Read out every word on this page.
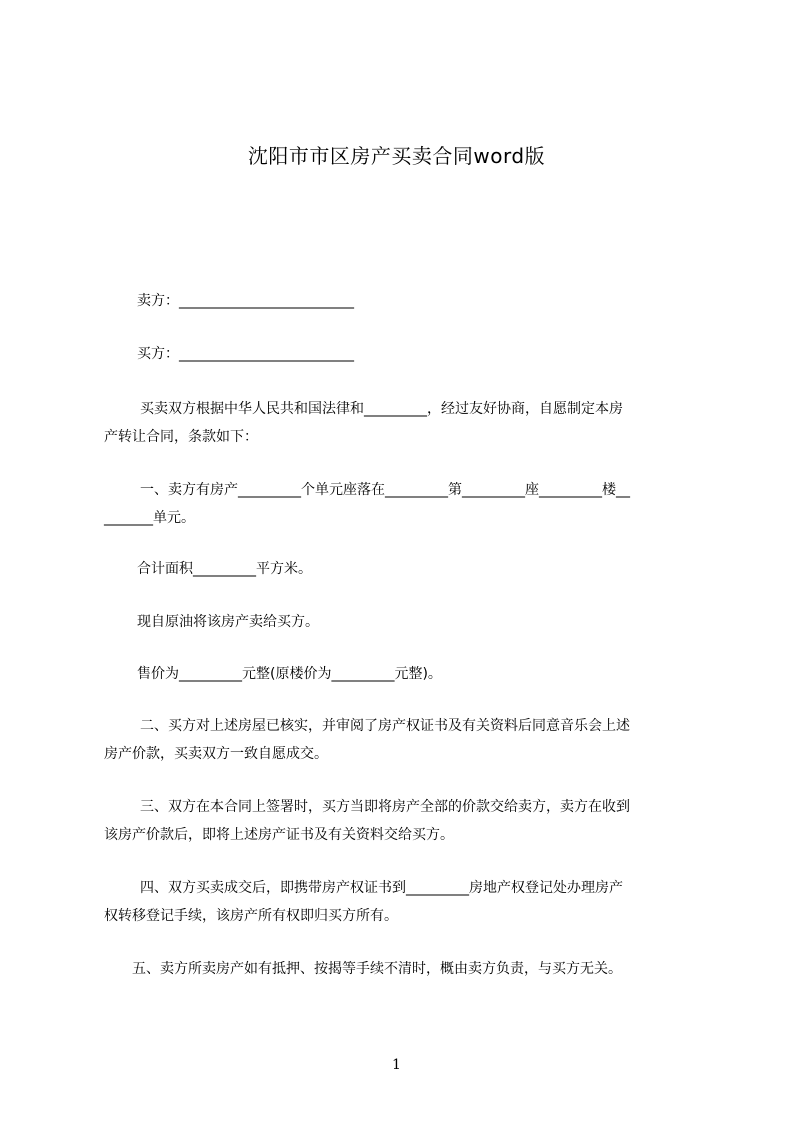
沈阳市市区房产买卖合同word版
卖方：_________________________
买方：_________________________
买卖双方根据中华人民共和国法律和_________，经过友好协商，自愿制定本房
产转让合同，条款如下：
一、卖方有房产_________个单元座落在_________第_________座_________楼__
_______单元。
合计面积_________平方米。
现自原油将该房产卖给买方。
售价为_________元整(原楼价为_________元整)。
二、买方对上述房屋已核实，并审阅了房产权证书及有关资料后同意音乐会上述
房产价款，买卖双方一致自愿成交。
三、双方在本合同上签署时，买方当即将房产全部的价款交给卖方，卖方在收到
该房产价款后，即将上述房产证书及有关资料交给买方。
四、双方买卖成交后，即携带房产权证书到_________房地产权登记处办理房产
权转移登记手续，该房产所有权即归买方所有。
五、卖方所卖房产如有抵押、按揭等手续不清时，概由卖方负责，与买方无关。
1
